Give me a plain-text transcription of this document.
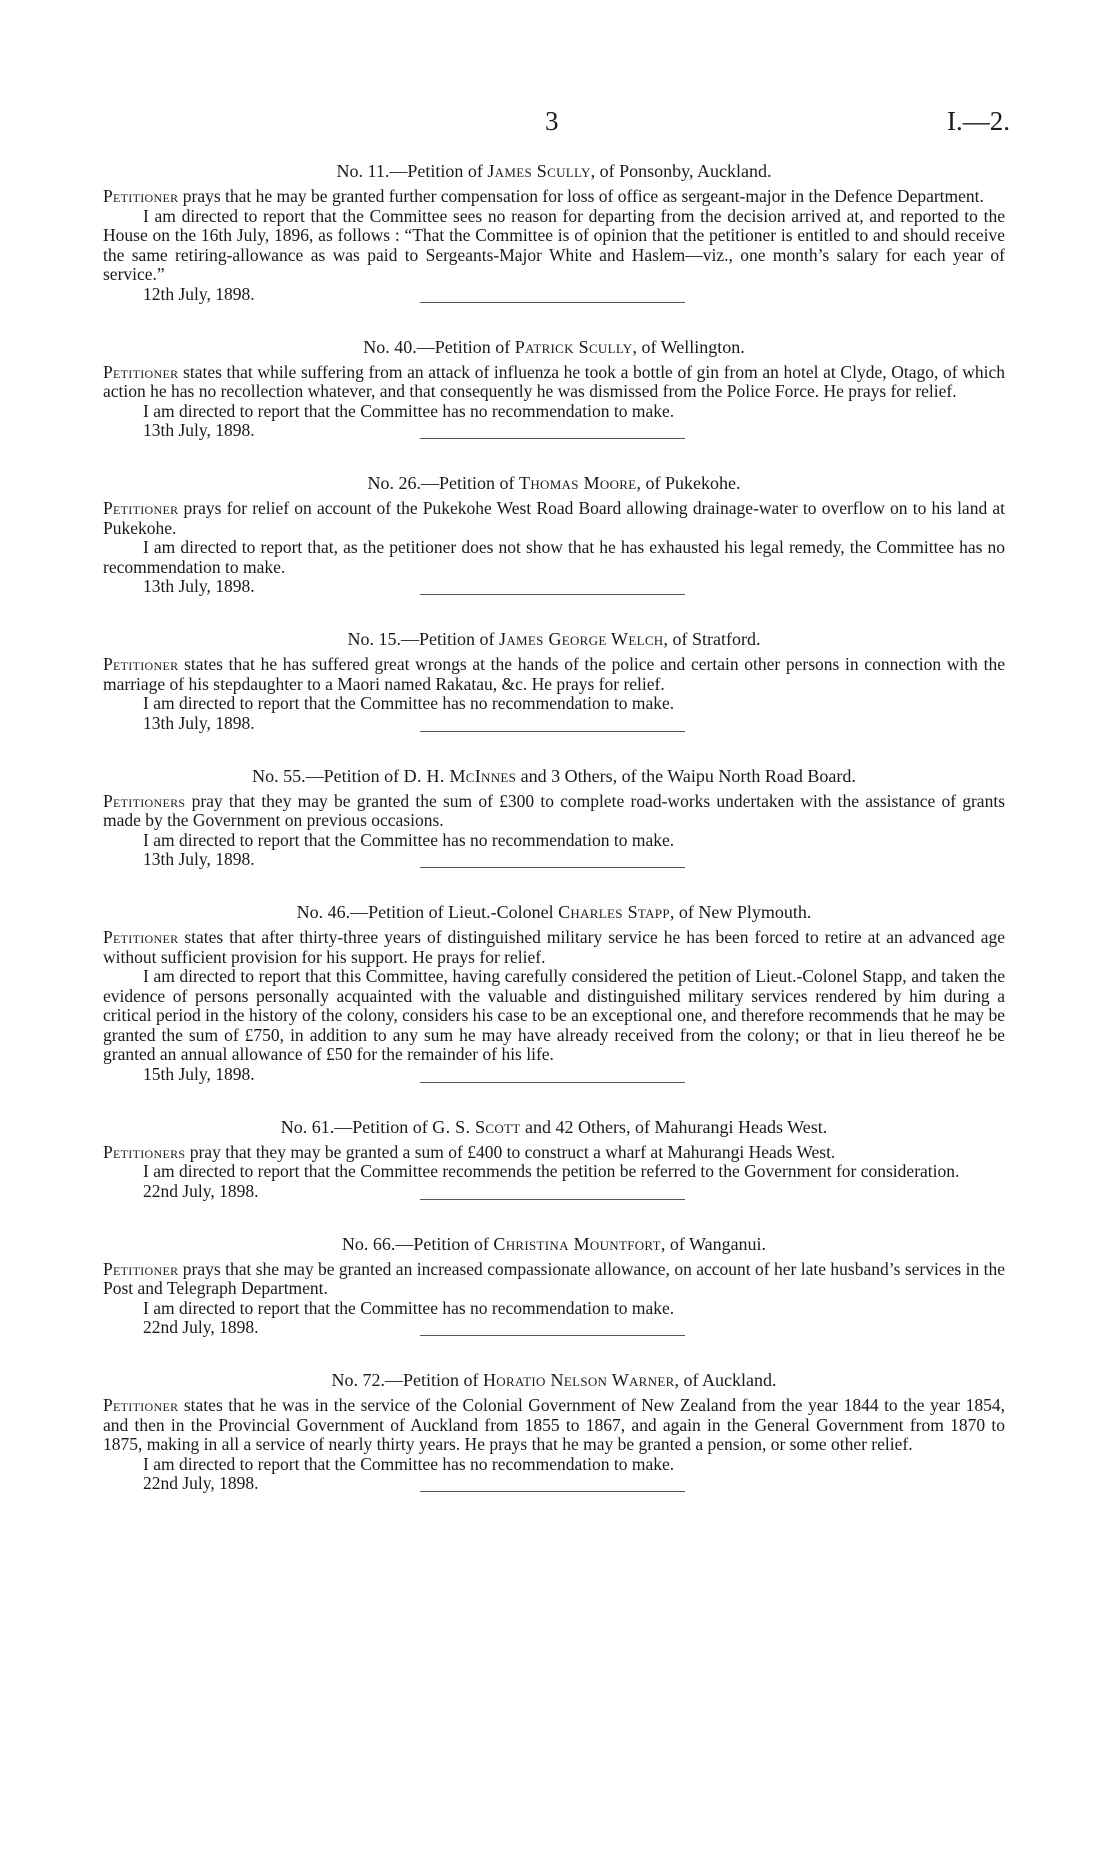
3	I.—2.

No. 11.—Petition of James Scully, of Ponsonby, Auckland.

Petitioner prays that he may be granted further compensation for loss of office as sergeant-major in the Defence Department.

I am directed to report that the Committee sees no reason for departing from the decision arrived at, and reported to the House on the 16th July, 1896, as follows : “That the Committee is of opinion that the petitioner is entitled to and should receive the same retiring-allowance as was paid to Sergeants-Major White and Haslem—viz., one month’s salary for each year of service.”

12th July, 1898.

No. 40.—Petition of Patrick Scully, of Wellington.

Petitioner states that while suffering from an attack of influenza he took a bottle of gin from an hotel at Clyde, Otago, of which action he has no recollection whatever, and that consequently he was dismissed from the Police Force. He prays for relief.

I am directed to report that the Committee has no recommendation to make.

13th July, 1898.

No. 26.—Petition of Thomas Moore, of Pukekohe.

Petitioner prays for relief on account of the Pukekohe West Road Board allowing drainage-water to overflow on to his land at Pukekohe.

I am directed to report that, as the petitioner does not show that he has exhausted his legal remedy, the Committee has no recommendation to make.

13th July, 1898.

No. 15.—Petition of James George Welch, of Stratford.

Petitioner states that he has suffered great wrongs at the hands of the police and certain other persons in connection with the marriage of his stepdaughter to a Maori named Rakatau, &c. He prays for relief.

I am directed to report that the Committee has no recommendation to make.

13th July, 1898.

No. 55.—Petition of D. H. McInnes and 3 Others, of the Waipu North Road Board.

Petitioners pray that they may be granted the sum of £300 to complete road-works undertaken with the assistance of grants made by the Government on previous occasions.

I am directed to report that the Committee has no recommendation to make.

13th July, 1898.

No. 46.—Petition of Lieut.-Colonel Charles Stapp, of New Plymouth.

Petitioner states that after thirty-three years of distinguished military service he has been forced to retire at an advanced age without sufficient provision for his support. He prays for relief.

I am directed to report that this Committee, having carefully considered the petition of Lieut.-Colonel Stapp, and taken the evidence of persons personally acquainted with the valuable and distinguished military services rendered by him during a critical period in the history of the colony, considers his case to be an exceptional one, and therefore recommends that he may be granted the sum of £750, in addition to any sum he may have already received from the colony; or that in lieu thereof he be granted an annual allowance of £50 for the remainder of his life.

15th July, 1898.

No. 61.—Petition of G. S. Scott and 42 Others, of Mahurangi Heads West.

Petitioners pray that they may be granted a sum of £400 to construct a wharf at Mahurangi Heads West.

I am directed to report that the Committee recommends the petition be referred to the Government for consideration.

22nd July, 1898.

No. 66.—Petition of Christina Mountfort, of Wanganui.

Petitioner prays that she may be granted an increased compassionate allowance, on account of her late husband’s services in the Post and Telegraph Department.

I am directed to report that the Committee has no recommendation to make.

22nd July, 1898.

No. 72.—Petition of Horatio Nelson Warner, of Auckland.

Petitioner states that he was in the service of the Colonial Government of New Zealand from the year 1844 to the year 1854, and then in the Provincial Government of Auckland from 1855 to 1867, and again in the General Government from 1870 to 1875, making in all a service of nearly thirty years. He prays that he may be granted a pension, or some other relief.

I am directed to report that the Committee has no recommendation to make.

22nd July, 1898.
